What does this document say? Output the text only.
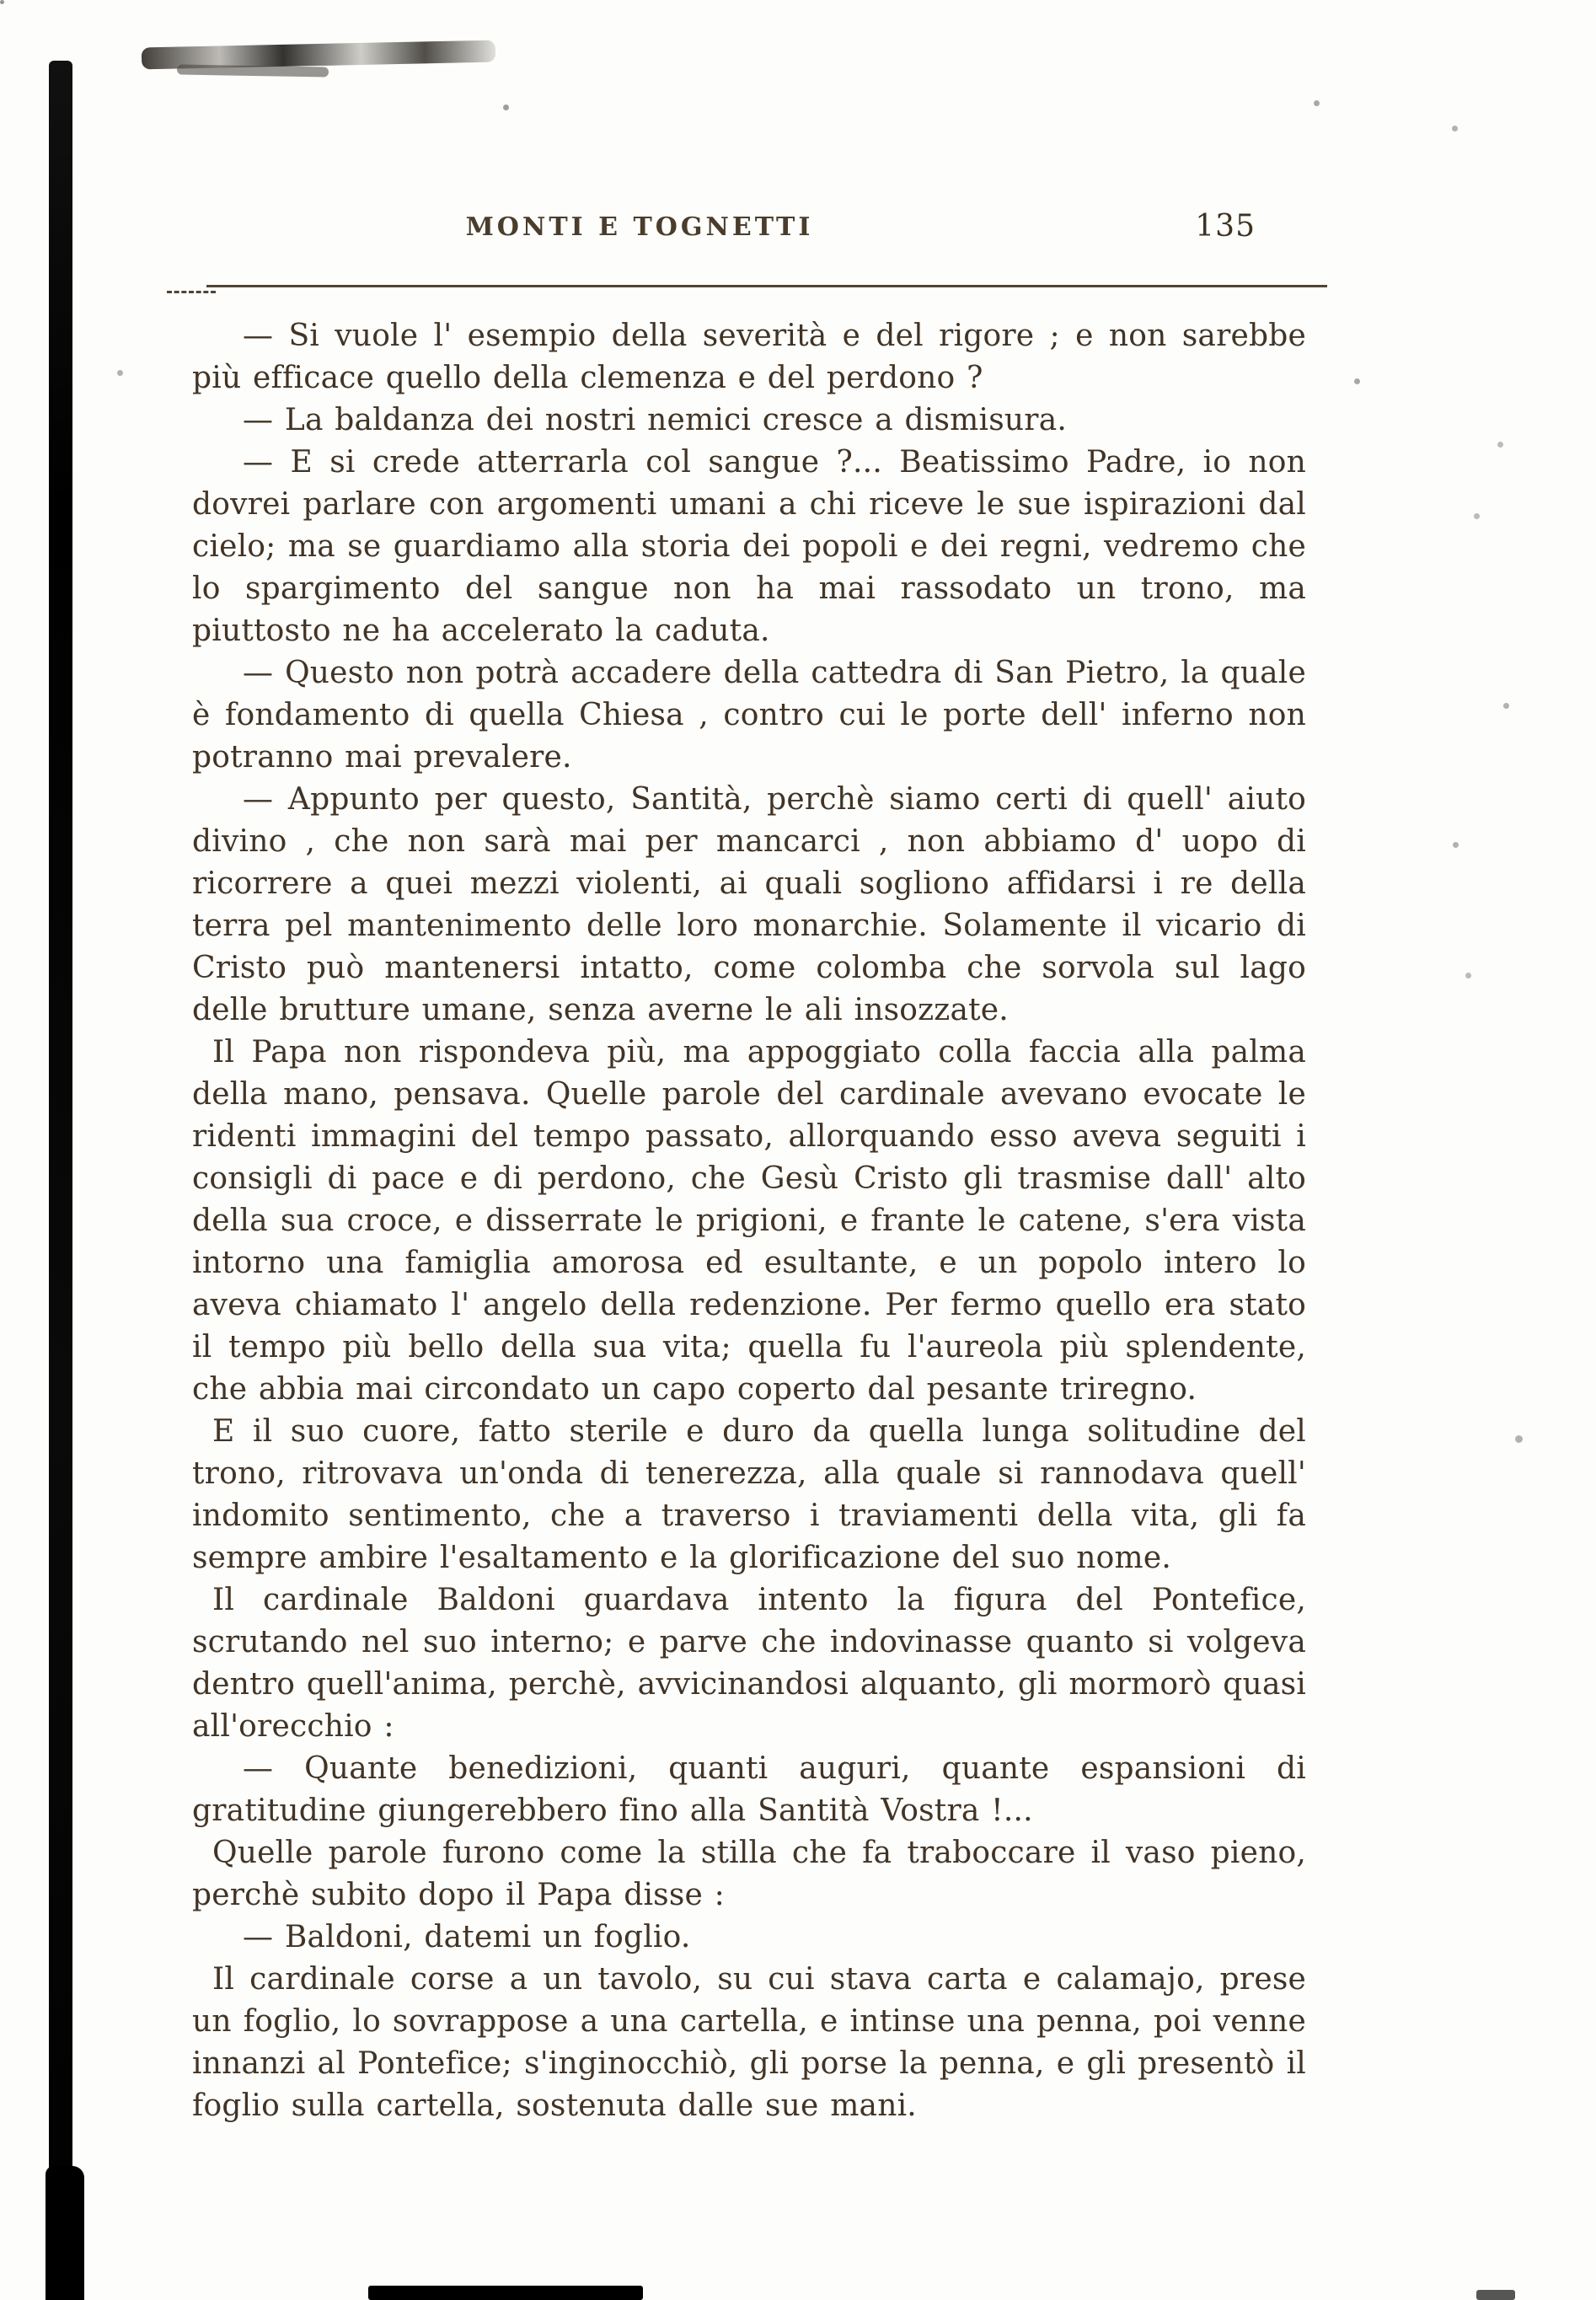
MONTI E TOGNETTI	135

— Si vuole l' esempio della severità e del rigore ; e non sarebbe più efficace quello della clemenza e del perdono ?

— La baldanza dei nostri nemici cresce a dismisura.

— E si crede atterrarla col sangue ?... Beatissimo Padre, io non dovrei parlare con argomenti umani a chi riceve le sue ispirazioni dal cielo; ma se guardiamo alla storia dei popoli e dei regni, vedremo che lo spargimento del sangue non ha mai rassodato un trono, ma piuttosto ne ha accelerato la caduta.

— Questo non potrà accadere della cattedra di San Pietro, la quale è fondamento di quella Chiesa , contro cui le porte dell' inferno non potranno mai prevalere.

— Appunto per questo, Santità, perchè siamo certi di quell' aiuto divino , che non sarà mai per mancarci , non abbiamo d' uopo di ricorrere a quei mezzi violenti, ai quali sogliono affidarsi i re della terra pel mantenimento delle loro monarchie. Solamente il vicario di Cristo può mantenersi intatto, come colomba che sorvola sul lago delle brutture umane, senza averne le ali insozzate.

Il Papa non rispondeva più, ma appoggiato colla faccia alla palma della mano, pensava. Quelle parole del cardinale avevano evocate le ridenti immagini del tempo passato, allorquando esso aveva seguiti i consigli di pace e di perdono, che Gesù Cristo gli trasmise dall' alto della sua croce, e disserrate le prigioni, e frante le catene, s'era vista intorno una famiglia amorosa ed esultante, e un popolo intero lo aveva chiamato l' angelo della redenzione. Per fermo quello era stato il tempo più bello della sua vita; quella fu l'aureola più splendente, che abbia mai circondato un capo coperto dal pesante triregno.

E il suo cuore, fatto sterile e duro da quella lunga solitudine del trono, ritrovava un'onda di tenerezza, alla quale si rannodava quell' indomito sentimento, che a traverso i traviamenti della vita, gli fa sempre ambire l'esaltamento e la glorificazione del suo nome.

Il cardinale Baldoni guardava intento la figura del Pontefice, scrutando nel suo interno; e parve che indovinasse quanto si volgeva dentro quell'anima, perchè, avvicinandosi alquanto, gli mormorò quasi all'orecchio :

— Quante benedizioni, quanti auguri, quante espansioni di gratitudine giungerebbero fino alla Santità Vostra !...

Quelle parole furono come la stilla che fa traboccare il vaso pieno, perchè subito dopo il Papa disse :

— Baldoni, datemi un foglio.

Il cardinale corse a un tavolo, su cui stava carta e calamajo, prese un foglio, lo sovrappose a una cartella, e intinse una penna, poi venne innanzi al Pontefice; s'inginocchiò, gli porse la penna, e gli presentò il foglio sulla cartella, sostenuta dalle sue mani.
